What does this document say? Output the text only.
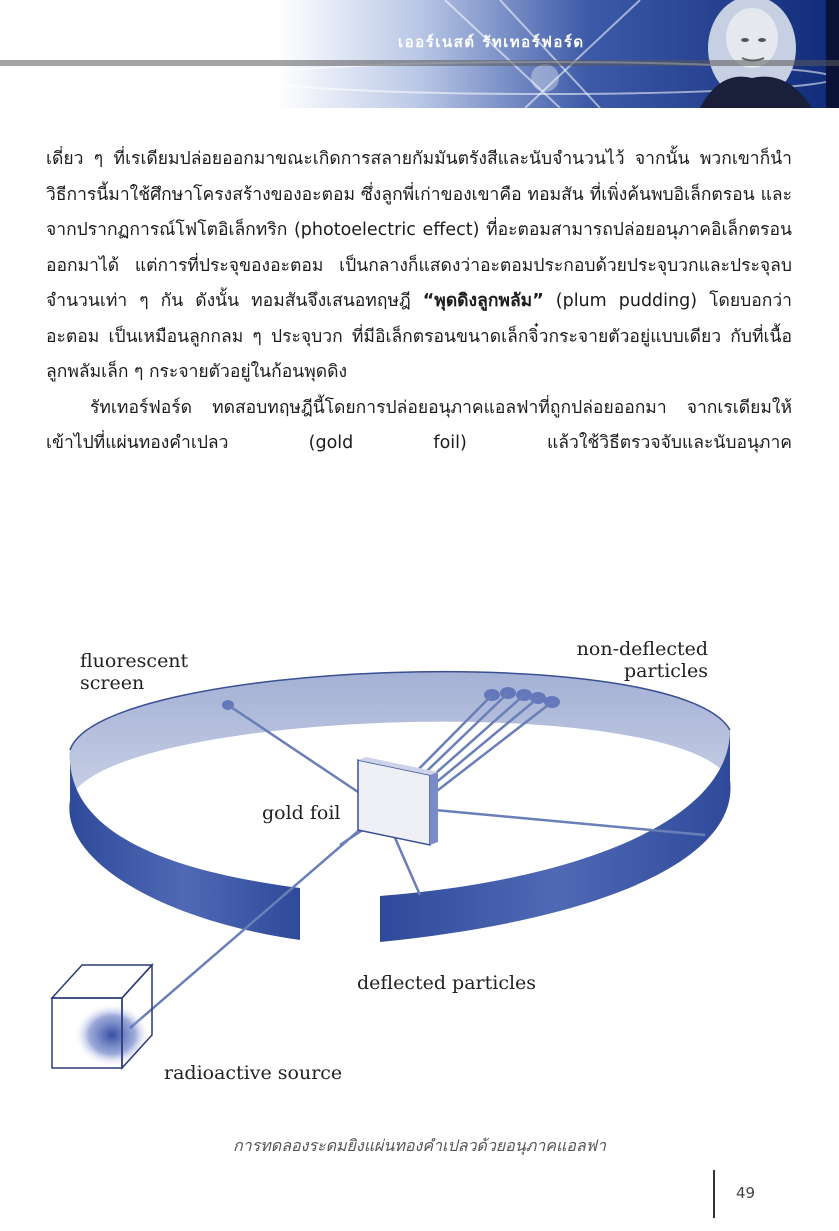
เออร์เนสต์ รัทเทอร์ฟอร์ด

เดี่ยว ๆ ที่เรเดียมปล่อยออกมาขณะเกิดการสลายกัมมันตรังสีและนับจำนวนไว้ จากนั้น พวกเขาก็นำวิธีการนี้มาใช้ศึกษาโครงสร้างของอะตอม ซึ่งลูกพี่เก่าของเขาคือ ทอมสัน ที่เพิ่งค้นพบอิเล็กตรอน และจากปรากฏการณ์โฟโตอิเล็กทริก (photoelectric effect) ที่อะตอมสามารถปล่อยอนุภาคอิเล็กตรอนออกมาได้ แต่การที่ประจุของอะตอม เป็นกลางก็แสดงว่าอะตอมประกอบด้วยประจุบวกและประจุลบจำนวนเท่า ๆ กัน ดังนั้น ทอมสันจึงเสนอทฤษฎี “พุดดิงลูกพลัม” (plum pudding) โดยบอกว่าอะตอม เป็นเหมือนลูกกลม ๆ ประจุบวก ที่มีอิเล็กตรอนขนาดเล็กจิ๋วกระจายตัวอยู่แบบเดียว กับที่เนื้อลูกพลัมเล็ก ๆ กระจายตัวอยู่ในก้อนพุดดิง

รัทเทอร์ฟอร์ด ทดสอบทฤษฎีนี้โดยการปล่อยอนุภาคแอลฟาที่ถูกปล่อยออกมา จากเรเดียมให้เข้าไปที่แผ่นทองคำเปลว (gold foil) แล้วใช้วิธีตรวจจับและนับอนุภาค

fluorescent
screen
non-deflected
particles
gold foil
deflected particles
radioactive source
การทดลองระดมยิงแผ่นทองคำเปลวด้วยอนุภาคแอลฟา
49
